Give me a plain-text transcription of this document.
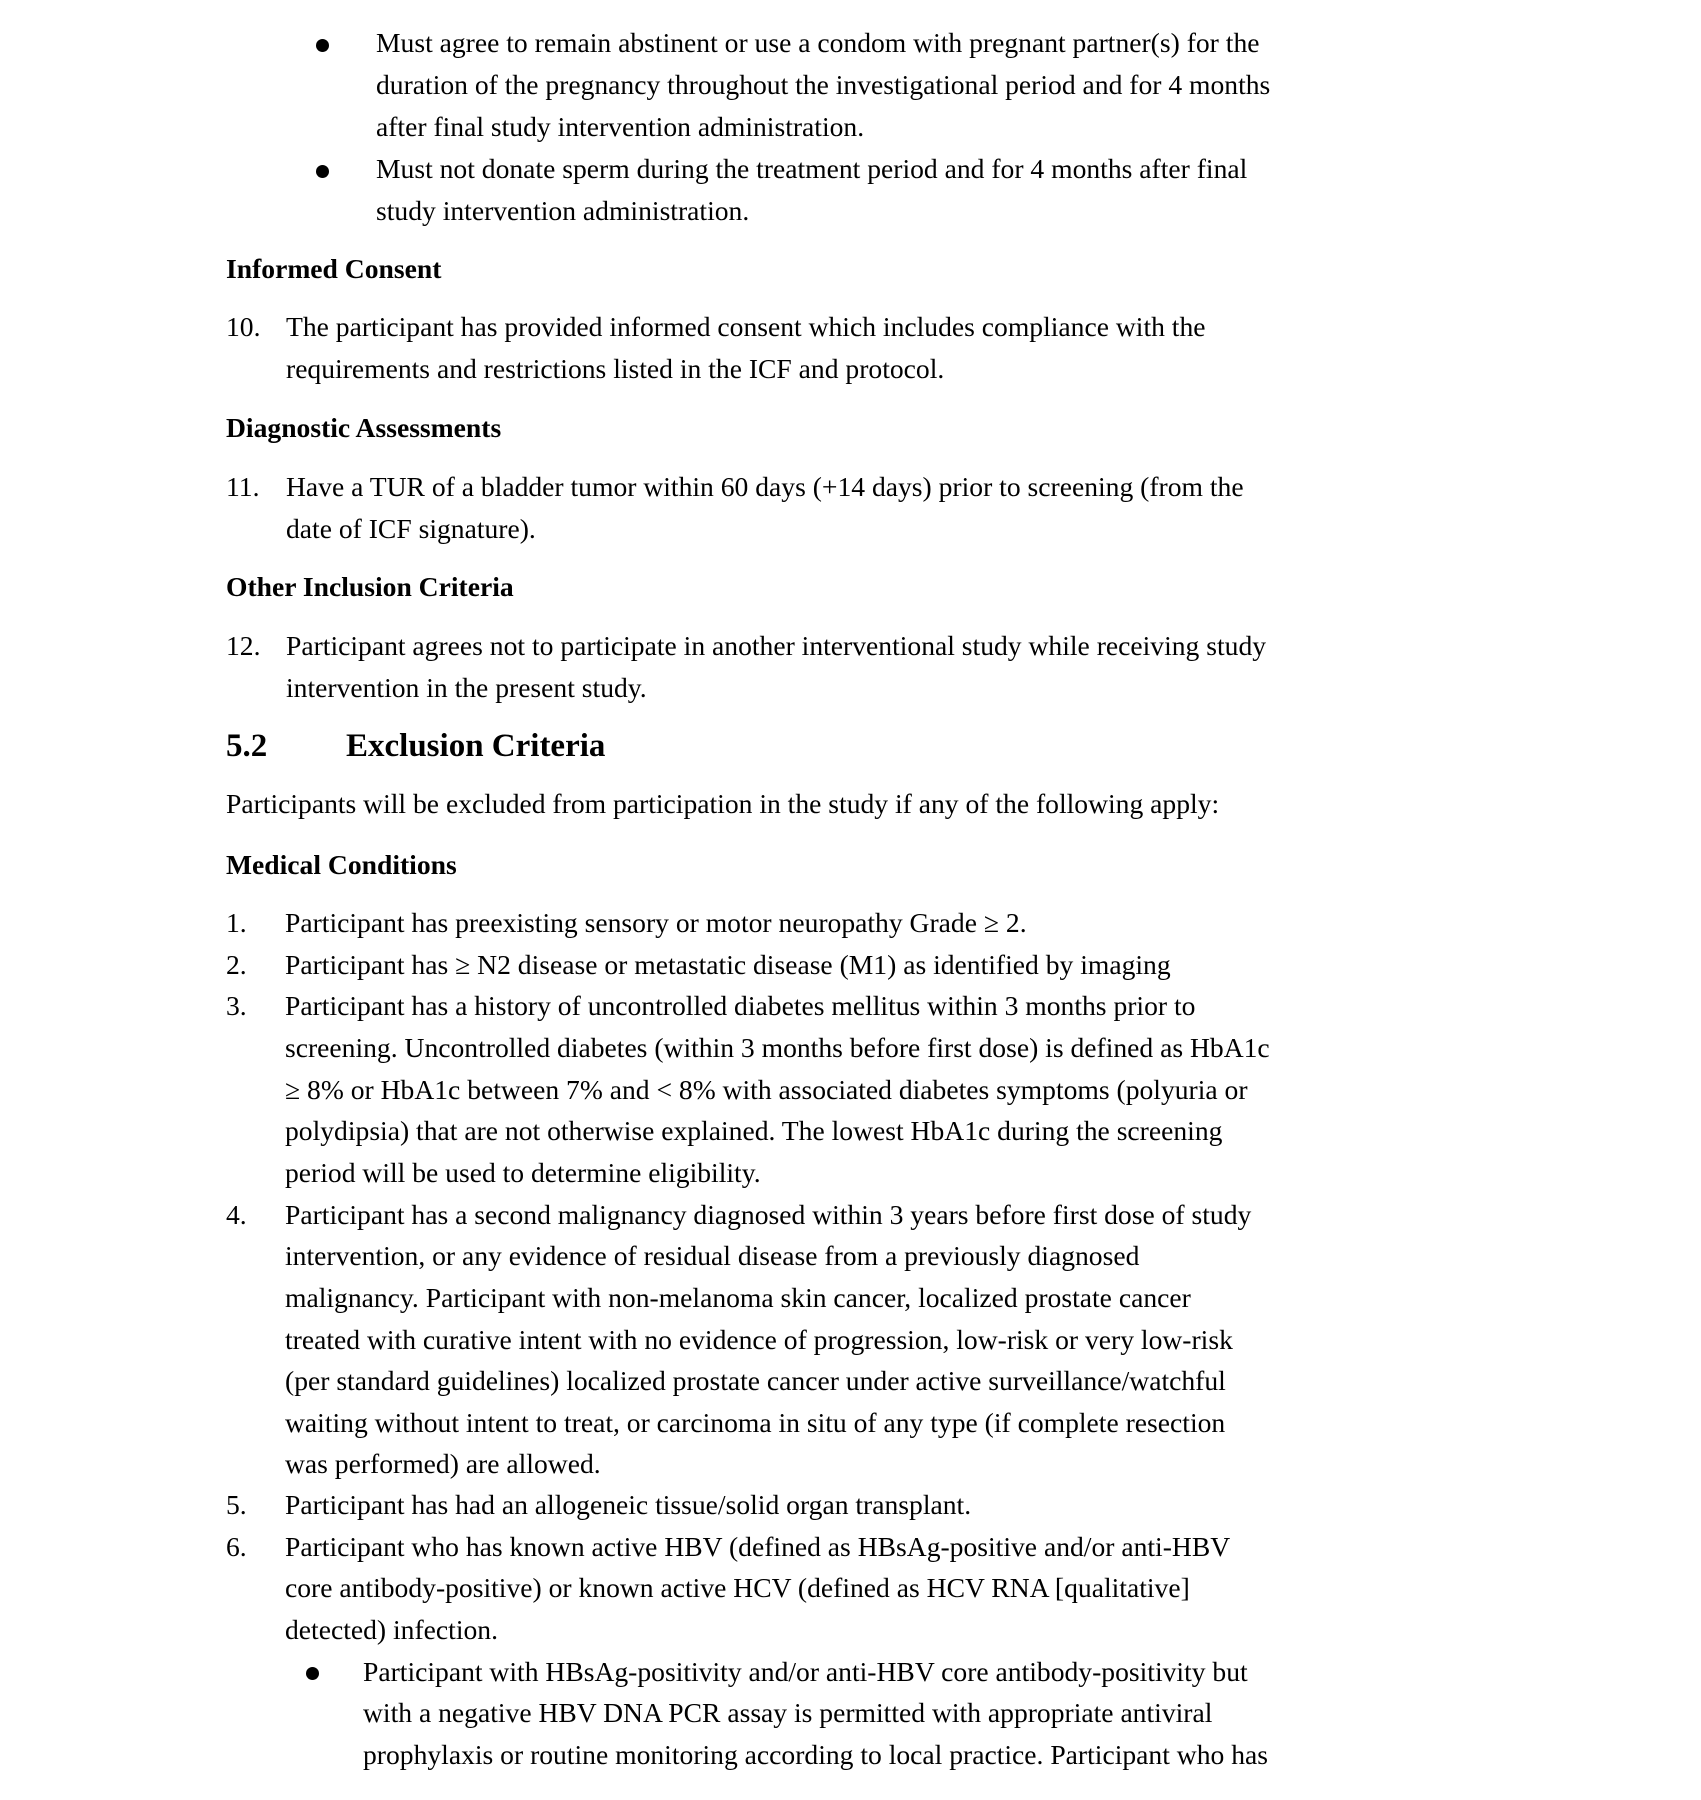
Must agree to remain abstinent or use a condom with pregnant partner(s) for the
duration of the pregnancy throughout the investigational period and for 4 months
after final study intervention administration.
Must not donate sperm during the treatment period and for 4 months after final
study intervention administration.
Informed Consent
10. The participant has provided informed consent which includes compliance with the
requirements and restrictions listed in the ICF and protocol.
Diagnostic Assessments
11. Have a TUR of a bladder tumor within 60 days (+14 days) prior to screening (from the
date of ICF signature).
Other Inclusion Criteria
12. Participant agrees not to participate in another interventional study while receiving study
intervention in the present study.
5.2 Exclusion Criteria
Participants will be excluded from participation in the study if any of the following apply:
Medical Conditions
1. Participant has preexisting sensory or motor neuropathy Grade ≥ 2.
2. Participant has ≥ N2 disease or metastatic disease (M1) as identified by imaging
3. Participant has a history of uncontrolled diabetes mellitus within 3 months prior to
screening. Uncontrolled diabetes (within 3 months before first dose) is defined as HbA1c
≥ 8% or HbA1c between 7% and < 8% with associated diabetes symptoms (polyuria or
polydipsia) that are not otherwise explained. The lowest HbA1c during the screening
period will be used to determine eligibility.
4. Participant has a second malignancy diagnosed within 3 years before first dose of study
intervention, or any evidence of residual disease from a previously diagnosed
malignancy. Participant with non-melanoma skin cancer, localized prostate cancer
treated with curative intent with no evidence of progression, low-risk or very low-risk
(per standard guidelines) localized prostate cancer under active surveillance/watchful
waiting without intent to treat, or carcinoma in situ of any type (if complete resection
was performed) are allowed.
5. Participant has had an allogeneic tissue/solid organ transplant.
6. Participant who has known active HBV (defined as HBsAg-positive and/or anti-HBV
core antibody-positive) or known active HCV (defined as HCV RNA [qualitative]
detected) infection.
Participant with HBsAg-positivity and/or anti-HBV core antibody-positivity but
with a negative HBV DNA PCR assay is permitted with appropriate antiviral
prophylaxis or routine monitoring according to local practice. Participant who has
